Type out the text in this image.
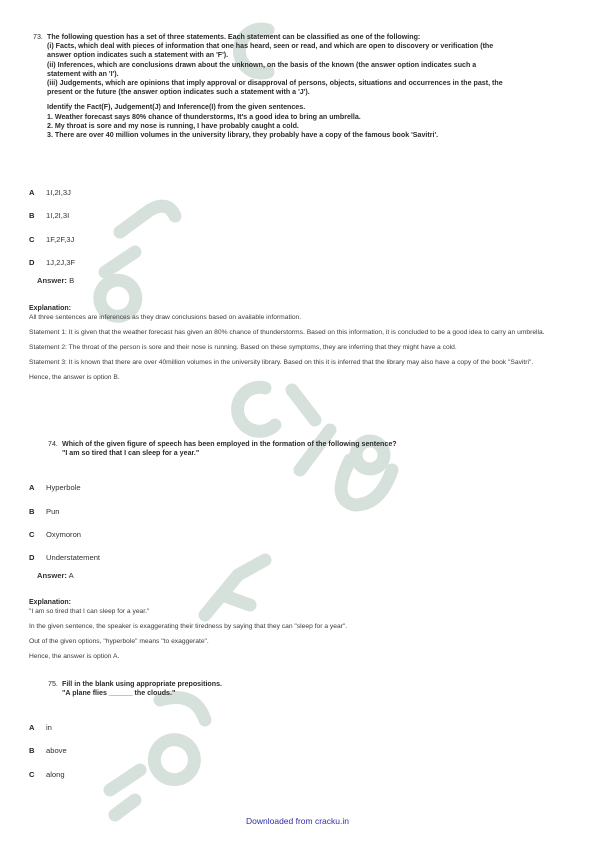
73. The following question has a set of three statements. Each statement can be classified as one of the following:
(i) Facts, which deal with pieces of information that one has heard, seen or read, and which are open to discovery or verification (the
answer option indicates such a statement with an 'F').
(ii) Inferences, which are conclusions drawn about the unknown, on the basis of the known (the answer option indicates such a
statement with an 'I').
(iii) Judgements, which are opinions that imply approval or disapproval of persons, objects, situations and occurrences in the past, the
present or the future (the answer option indicates such a statement with a 'J').
Identify the Fact(F), Judgement(J) and Inference(I) from the given sentences.
1. Weather forecast says 80% chance of thunderstorms, It's a good idea to bring an umbrella.
2. My throat is sore and my nose is running, I have probably caught a cold.
3. There are over 40 million volumes in the university library, they probably have a copy of the famous book 'Savitri'.
A 1I,2I,3J
B 1I,2I,3I
C 1F,2F,3J
D 1J,2J,3F
Answer: B
Explanation:

All three sentences are inferences as they draw conclusions based on available information.

Statement 1: It is given that the weather forecast has given an 80% chance of thunderstorms. Based on this information, it is concluded to be a good idea to carry an umbrella.

Statement 2: The throat of the person is sore and their nose is running. Based on these symptoms, they are inferring that they might have a cold.

Statement 3: It is known that there are over 40million volumes in the university library. Based on this it is inferred that the library may also have a copy of the book "Savitri".

Hence, the answer is option B.

74. Which of the given figure of speech has been employed in the formation of the following sentence?
"I am so tired that I can sleep for a year."
A Hyperbole
B Pun
C Oxymoron
D Understatement
Answer: A
Explanation:

"I am so tired that I can sleep for a year."

In the given sentence, the speaker is exaggerating their tiredness by saying that they can "sleep for a year".

Out of the given options, "hyperbole" means "to exaggerate".

Hence, the answer is option A.

75. Fill in the blank using appropriate prepositions.
"A plane flies ______ the clouds."
A in
B above
C along
Downloaded from cracku.in
